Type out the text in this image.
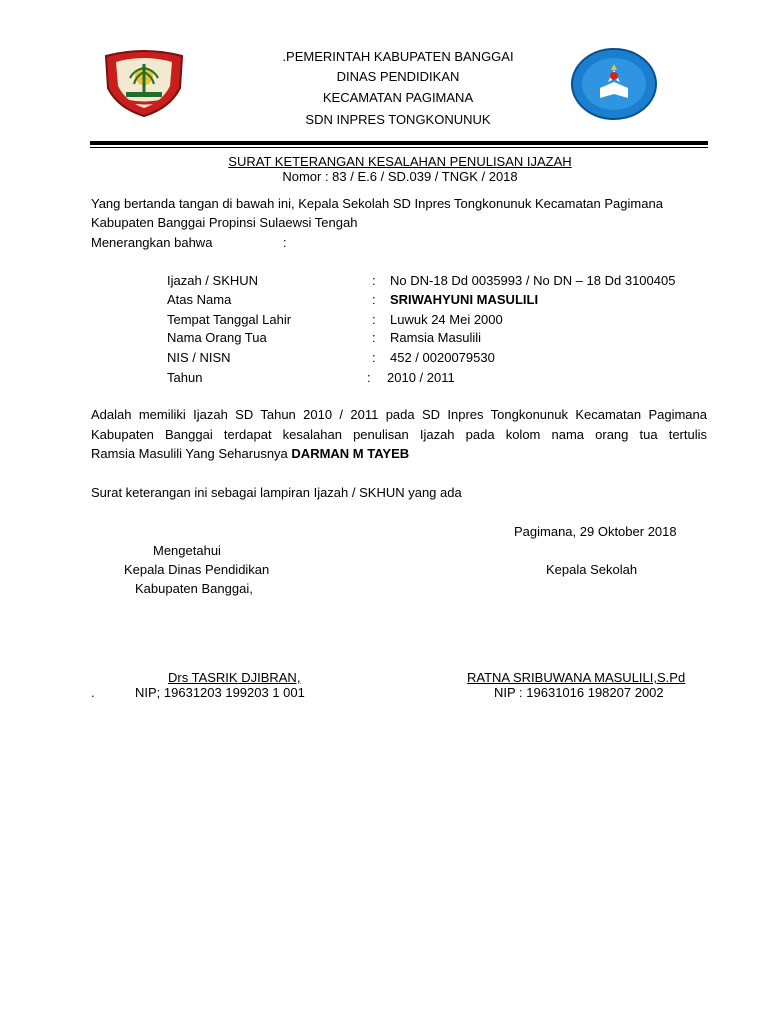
.PEMERINTAH KABUPATEN BANGGAI
DINAS PENDIDIKAN
KECAMATAN PAGIMANA
SDN INPRES TONGKONUNUK
SURAT KETERANGAN KESALAHAN PENULISAN IJAZAH
Nomor : 83 / E.6 / SD.039 / TNGK / 2018
Yang bertanda tangan di bawah ini, Kepala Sekolah SD Inpres Tongkonunuk Kecamatan Pagimana
Kabupaten Banggai Propinsi Sulaewsi Tengah
Menerangkan bahwa	:
Ijazah / SKHUN	: No DN-18 Dd 0035993 / No DN – 18 Dd 3100405
Atas Nama	: SRIWAHYUNI MASULILI
Tempat Tanggal Lahir	: Luwuk 24 Mei 2000
Nama Orang Tua	: Ramsia Masulili
NIS / NISN	: 452 / 0020079530
Tahun	: 2010 / 2011
Adalah memiliki Ijazah SD Tahun 2010 / 2011 pada SD Inpres Tongkonunuk Kecamatan Pagimana
Kabupaten Banggai terdapat kesalahan penulisan Ijazah pada kolom nama orang tua tertulis
Ramsia Masulili Yang Seharusnya DARMAN M TAYEB
Surat keterangan ini sebagai lampiran Ijazah / SKHUN yang ada
Pagimana, 29 Oktober 2018
Mengetahui
Kepala Dinas Pendidikan	Kepala Sekolah
Kabupaten Banggai,
Drs TASRIK DJIBRAN,	RATNA SRIBUWANA MASULILI,S.Pd
.	NIP; 19631203 199203 1 001	NIP : 19631016 198207 2002
